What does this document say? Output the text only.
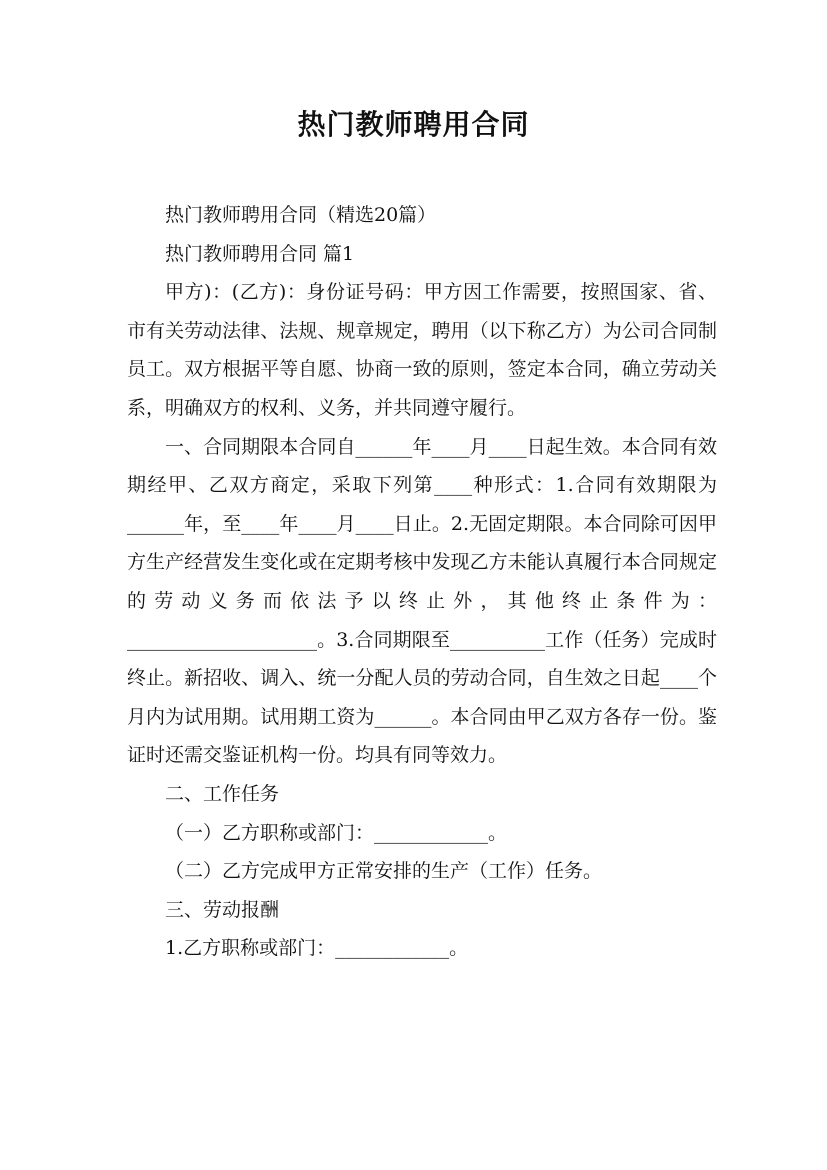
热门教师聘用合同

热门教师聘用合同（精选20篇）

热门教师聘用合同 篇1

甲方)：(乙方)：身份证号码：甲方因工作需要，按照国家、省、市有关劳动法律、法规、规章规定，聘用（以下称乙方）为公司合同制员工。双方根据平等自愿、协商一致的原则，签定本合同，确立劳动关系，明确双方的权利、义务，并共同遵守履行。

一、合同期限本合同自______年____月____日起生效。本合同有效期经甲、乙双方商定，采取下列第____种形式：1.合同有效期限为______年，至____年____月____日止。2.无固定期限。本合同除可因甲方生产经营发生变化或在定期考核中发现乙方未能认真履行本合同规定的劳动义务而依法予以终止外，其他终止条件为：____________________。3.合同期限至__________工作（任务）完成时终止。新招收、调入、统一分配人员的劳动合同，自生效之日起____个月内为试用期。试用期工资为______。本合同由甲乙双方各存一份。鉴证时还需交鉴证机构一份。均具有同等效力。

二、工作任务

（一）乙方职称或部门：____________。

（二）乙方完成甲方正常安排的生产（工作）任务。

三、劳动报酬

1.乙方职称或部门：____________。
